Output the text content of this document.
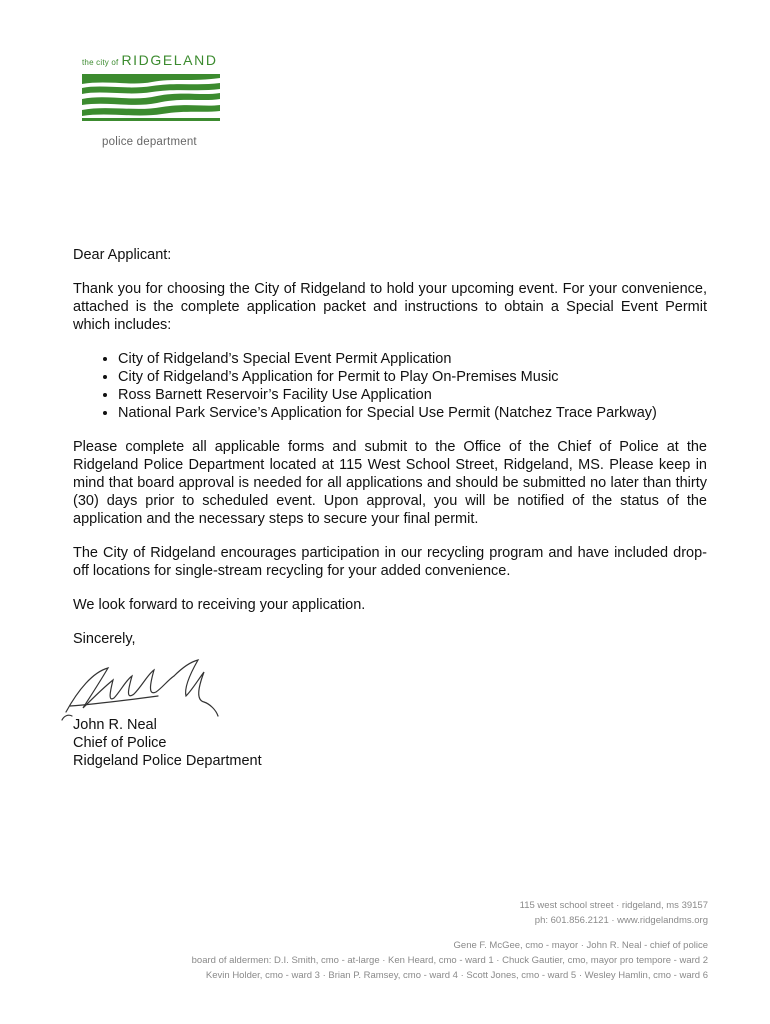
the city of RIDGELAND
police department

Dear Applicant:

Thank you for choosing the City of Ridgeland to hold your upcoming event. For your convenience, attached is the complete application packet and instructions to obtain a Special Event Permit which includes:

• City of Ridgeland’s Special Event Permit Application
• City of Ridgeland’s Application for Permit to Play On-Premises Music
• Ross Barnett Reservoir’s Facility Use Application
• National Park Service’s Application for Special Use Permit (Natchez Trace Parkway)

Please complete all applicable forms and submit to the Office of the Chief of Police at the Ridgeland Police Department located at 115 West School Street, Ridgeland, MS. Please keep in mind that board approval is needed for all applications and should be submitted no later than thirty (30) days prior to scheduled event. Upon approval, you will be notified of the status of the application and the necessary steps to secure your final permit.

The City of Ridgeland encourages participation in our recycling program and have included drop-off locations for single-stream recycling for your added convenience.

We look forward to receiving your application.

Sincerely,

John R. Neal
Chief of Police
Ridgeland Police Department
115 west school street · ridgeland, ms 39157
ph: 601.856.2121 · www.ridgelandms.org
Gene F. McGee, cmo - mayor · John R. Neal - chief of police
board of aldermen: D.I. Smith, cmo - at-large · Ken Heard, cmo - ward 1 · Chuck Gautier, cmo, mayor pro tempore - ward 2
Kevin Holder, cmo - ward 3 · Brian P. Ramsey, cmo - ward 4 · Scott Jones, cmo - ward 5 · Wesley Hamlin, cmo - ward 6
